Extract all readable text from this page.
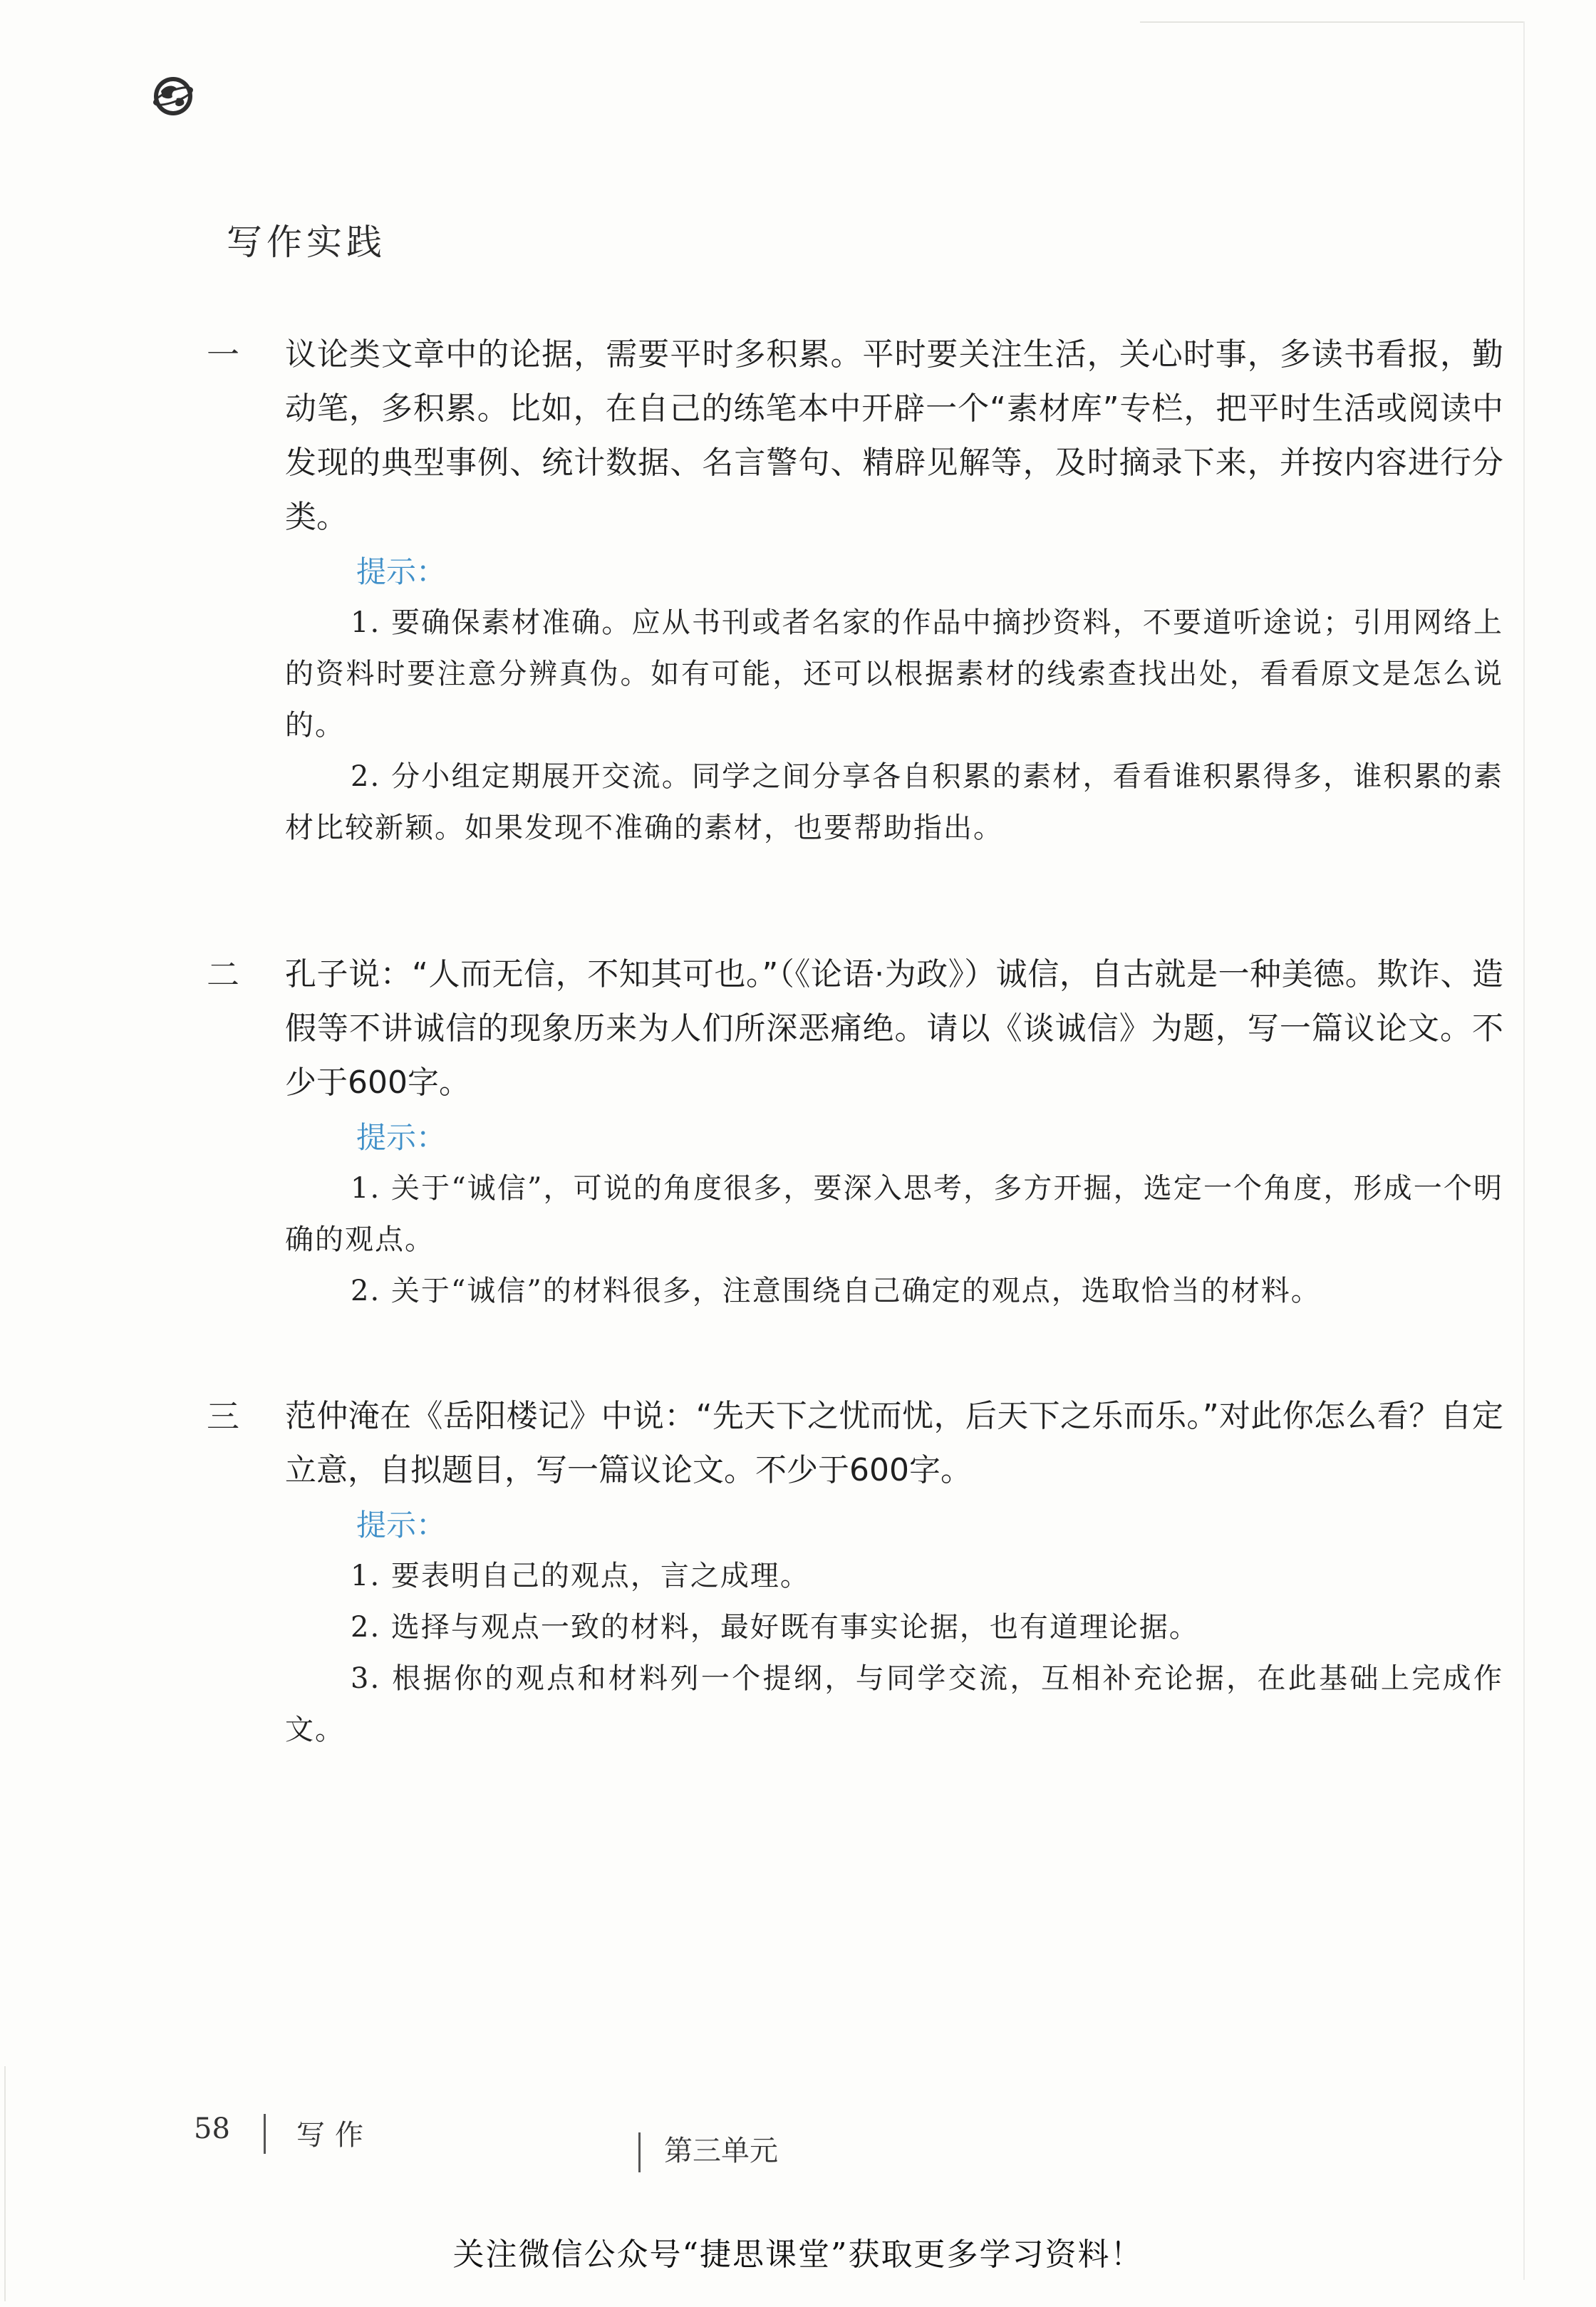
写作实践
一 议论类文章中的论据，需要平时多积累。平时要关注生活，关心时事，多读书看报，勤动笔，多积累。比如，在自己的练笔本中开辟一个“素材库”专栏，把平时生活或阅读中发现的典型事例、统计数据、名言警句、精辟见解等，及时摘录下来，并按内容进行分类。
提示：
1. 要确保素材准确。应从书刊或者名家的作品中摘抄资料，不要道听途说；引用网络上的资料时要注意分辨真伪。如有可能，还可以根据素材的线索查找出处，看看原文是怎么说的。
2. 分小组定期展开交流。同学之间分享各自积累的素材，看看谁积累得多，谁积累的素材比较新颖。如果发现不准确的素材，也要帮助指出。
二 孔子说：“人而无信，不知其可也。”（《论语·为政》）诚信，自古就是一种美德。欺诈、造假等不讲诚信的现象历来为人们所深恶痛绝。请以《谈诚信》为题，写一篇议论文。不少于600字。
提示：
1. 关于“诚信”，可说的角度很多，要深入思考，多方开掘，选定一个角度，形成一个明确的观点。
2. 关于“诚信”的材料很多，注意围绕自己确定的观点，选取恰当的材料。
三 范仲淹在《岳阳楼记》中说：“先天下之忧而忧，后天下之乐而乐。”对此你怎么看？自定立意，自拟题目，写一篇议论文。不少于600字。
提示：
1. 要表明自己的观点，言之成理。
2. 选择与观点一致的材料，最好既有事实论据，也有道理论据。
3. 根据你的观点和材料列一个提纲，与同学交流，互相补充论据，在此基础上完成作文。
58 写作	第三单元
关注微信公众号“捷思课堂”获取更多学习资料！
